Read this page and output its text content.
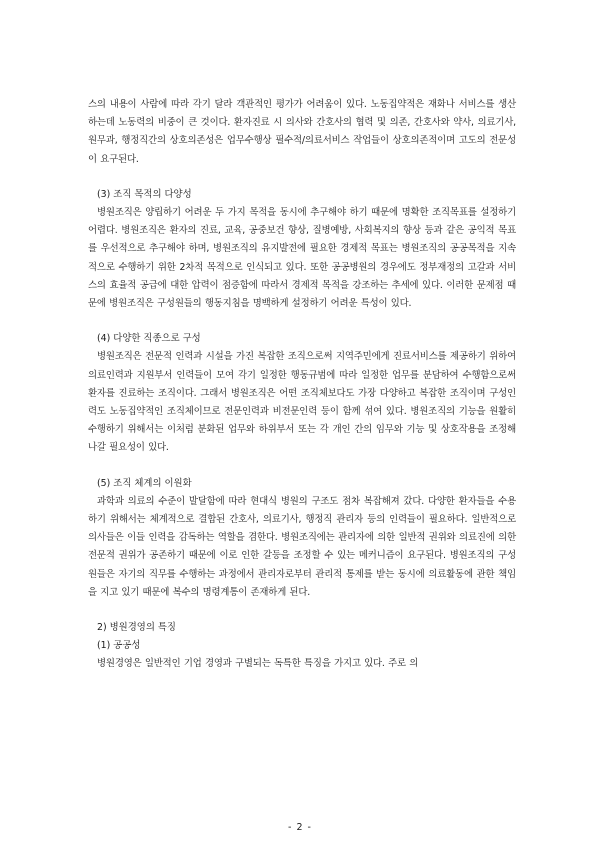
스의 내용이 사람에 따라 각기 달라 객관적인 평가가 어려움이 있다. 노동집약적은 재화나 서비스를 생산하는데 노동력의 비중이 큰 것이다. 환자진료 시 의사와 간호사의 협력 및 의존, 간호사와 약사, 의료기사, 원무과, 행정직간의 상호의존성은 업무수행상 필수적/의료서비스 작업들이 상호의존적이며 고도의 전문성이 요구된다.

(3) 조직 목적의 다양성

병원조직은 양립하기 어려운 두 가지 목적을 동시에 추구해야 하기 때문에 명확한 조직목표를 설정하기 어렵다. 병원조직은 환자의 진료, 교육, 공중보건 향상, 질병예방, 사회복지의 향상 등과 같은 공익적 목표를 우선적으로 추구해야 하며, 병원조직의 유지발전에 필요한 경제적 목표는 병원조직의 공공목적을 지속적으로 수행하기 위한 2차적 목적으로 인식되고 있다. 또한 공공병원의 경우에도 정부재정의 고갈과 서비스의 효율적 공급에 대한 압력이 점증함에 따라서 경제적 목적을 강조하는 추세에 있다. 이러한 문제점 때문에 병원조직은 구성원들의 행동지침을 명백하게 설정하기 어려운 특성이 있다.

(4) 다양한 직종으로 구성

병원조직은 전문적 인력과 시설을 가진 복잡한 조직으로써 지역주민에게 진료서비스를 제공하기 위하여 의료인력과 지원부서 인력들이 모여 각기 일정한 행동규범에 따라 일정한 업무를 분담하여 수행함으로써 환자를 진료하는 조직이다. 그래서 병원조직은 어떤 조직체보다도 가장 다양하고 복잡한 조직이며 구성인력도 노동집약적인 조직체이므로 전문인력과 비전문인력 등이 함께 섞여 있다. 병원조직의 기능을 원활히 수행하기 위해서는 이처럼 분화된 업무와 하위부서 또는 각 개인 간의 임무와 기능 및 상호작용을 조정해 나갈 필요성이 있다.

(5) 조직 체계의 이원화

과학과 의료의 수준이 발달함에 따라 현대식 병원의 구조도 점차 복잡해져 갔다. 다양한 환자들을 수용하기 위해서는 체계적으로 결합된 간호사, 의료기사, 행정직 관리자 등의 인력들이 필요하다. 일반적으로 의사들은 이들 인력을 감독하는 역할을 겸한다. 병원조직에는 관리자에 의한 일반적 권위와 의료진에 의한 전문적 권위가 공존하기 때문에 이로 인한 갈등을 조정할 수 있는 메커니즘이 요구된다. 병원조직의 구성원들은 자기의 직무를 수행하는 과정에서 관리자로부터 관리적 통제를 받는 동시에 의료활동에 관한 책임을 지고 있기 때문에 복수의 명령계통이 존재하게 된다.

2) 병원경영의 특징

(1) 공공성

병원경영은 일반적인 기업 경영과 구별되는 독특한 특징을 가지고 있다. 주로 의

- 2 -
